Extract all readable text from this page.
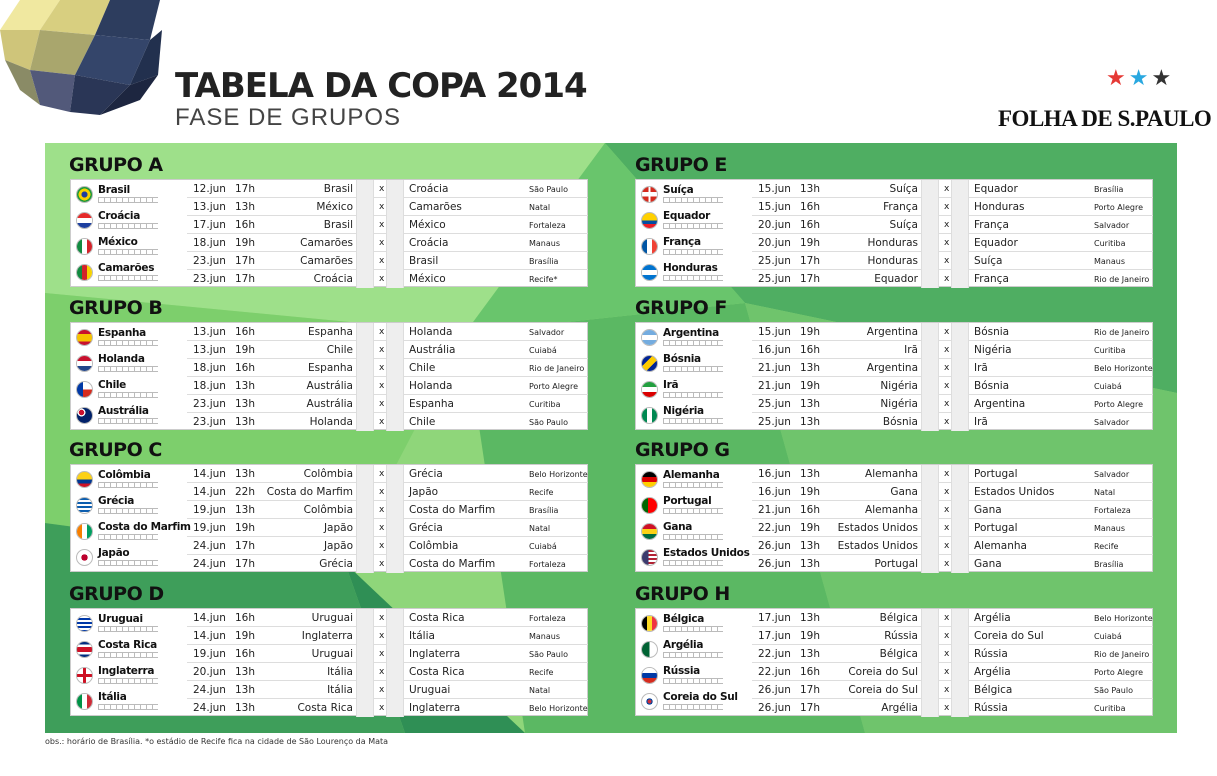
TABELA DA COPA 2014
FASE DE GRUPOS
★★★
FOLHA DE S.PAULO
GRUPO A
Brasil
Croácia
México
Camarões
12.jun 17h	Brasil	x Croácia	São Paulo
13.jun 13h	México	x Camarões	Natal
17.jun 16h	Brasil	x México	Fortaleza
18.jun 19h	Camarões	x Croácia	Manaus
23.jun 17h	Camarões	x Brasil	Brasília
23.jun 17h	Croácia	x México	Recife*
GRUPO B
Espanha
Holanda
Chile
Austrália
13.jun 16h	Espanha	x Holanda	Salvador
13.jun 19h	Chile	x Austrália	Cuiabá
18.jun 16h	Espanha	x Chile	Rio de Janeiro
18.jun 13h	Austrália	x Holanda	Porto Alegre
23.jun 13h	Austrália	x Espanha	Curitiba
23.jun 13h	Holanda	x Chile	São Paulo
GRUPO C
Colômbia
Grécia
Costa do Marfim
Japão
14.jun 13h	Colômbia	x Grécia	Belo Horizonte
14.jun 22h Costa do Marfim	x Japão	Recife
19.jun 13h	Colômbia	x Costa do Marfim	Brasília
19.jun 19h	Japão	x Grécia	Natal
24.jun 17h	Japão	x Colômbia	Cuiabá
24.jun 17h	Grécia	x Costa do Marfim	Fortaleza
GRUPO D
Uruguai
Costa Rica
Inglaterra
Itália
14.jun 16h	Uruguai	x Costa Rica	Fortaleza
14.jun 19h	Inglaterra	x Itália	Manaus
19.jun 16h	Uruguai	x Inglaterra	São Paulo
20.jun 13h	Itália	x Costa Rica	Recife
24.jun 13h	Itália	x Uruguai	Natal
24.jun 13h	Costa Rica	x Inglaterra	Belo Horizonte
GRUPO E
Suíça
Equador
França
Honduras
15.jun 13h	Suíça	x Equador	Brasília
15.jun 16h	França	x Honduras	Porto Alegre
20.jun 16h	Suíça	x França	Salvador
20.jun 19h	Honduras	x Equador	Curitiba
25.jun 17h	Honduras	x Suíça	Manaus
25.jun 17h	Equador	x França	Rio de Janeiro
GRUPO F
Argentina
Bósnia
Irã
Nigéria
15.jun 19h	Argentina	x Bósnia	Rio de Janeiro
16.jun 16h	Irã	x Nigéria	Curitiba
21.jun 13h	Argentina	x Irã	Belo Horizonte
21.jun 19h	Nigéria	x Bósnia	Cuiabá
25.jun 13h	Nigéria	x Argentina	Porto Alegre
25.jun 13h	Bósnia	x Irã	Salvador
GRUPO G
Alemanha
Portugal
Gana
Estados Unidos
16.jun 13h	Alemanha	x Portugal	Salvador
16.jun 19h	Gana	x Estados Unidos	Natal
21.jun 16h	Alemanha	x Gana	Fortaleza
22.jun 19h Estados Unidos	x Portugal	Manaus
26.jun 13h Estados Unidos	x Alemanha	Recife
26.jun 13h	Portugal	x Gana	Brasília
GRUPO H
Bélgica
Argélia
Rússia
Coreia do Sul
17.jun 13h	Bélgica	x Argélia	Belo Horizonte
17.jun 19h	Rússia	x Coreia do Sul	Cuiabá
22.jun 13h	Bélgica	x Rússia	Rio de Janeiro
22.jun 16h	Coreia do Sul	x Argélia	Porto Alegre
26.jun 17h	Coreia do Sul	x Bélgica	São Paulo
26.jun 17h	Argélia	x Rússia	Curitiba
obs.: horário de Brasília. *o estádio de Recife fica na cidade de São Lourenço da Mata
